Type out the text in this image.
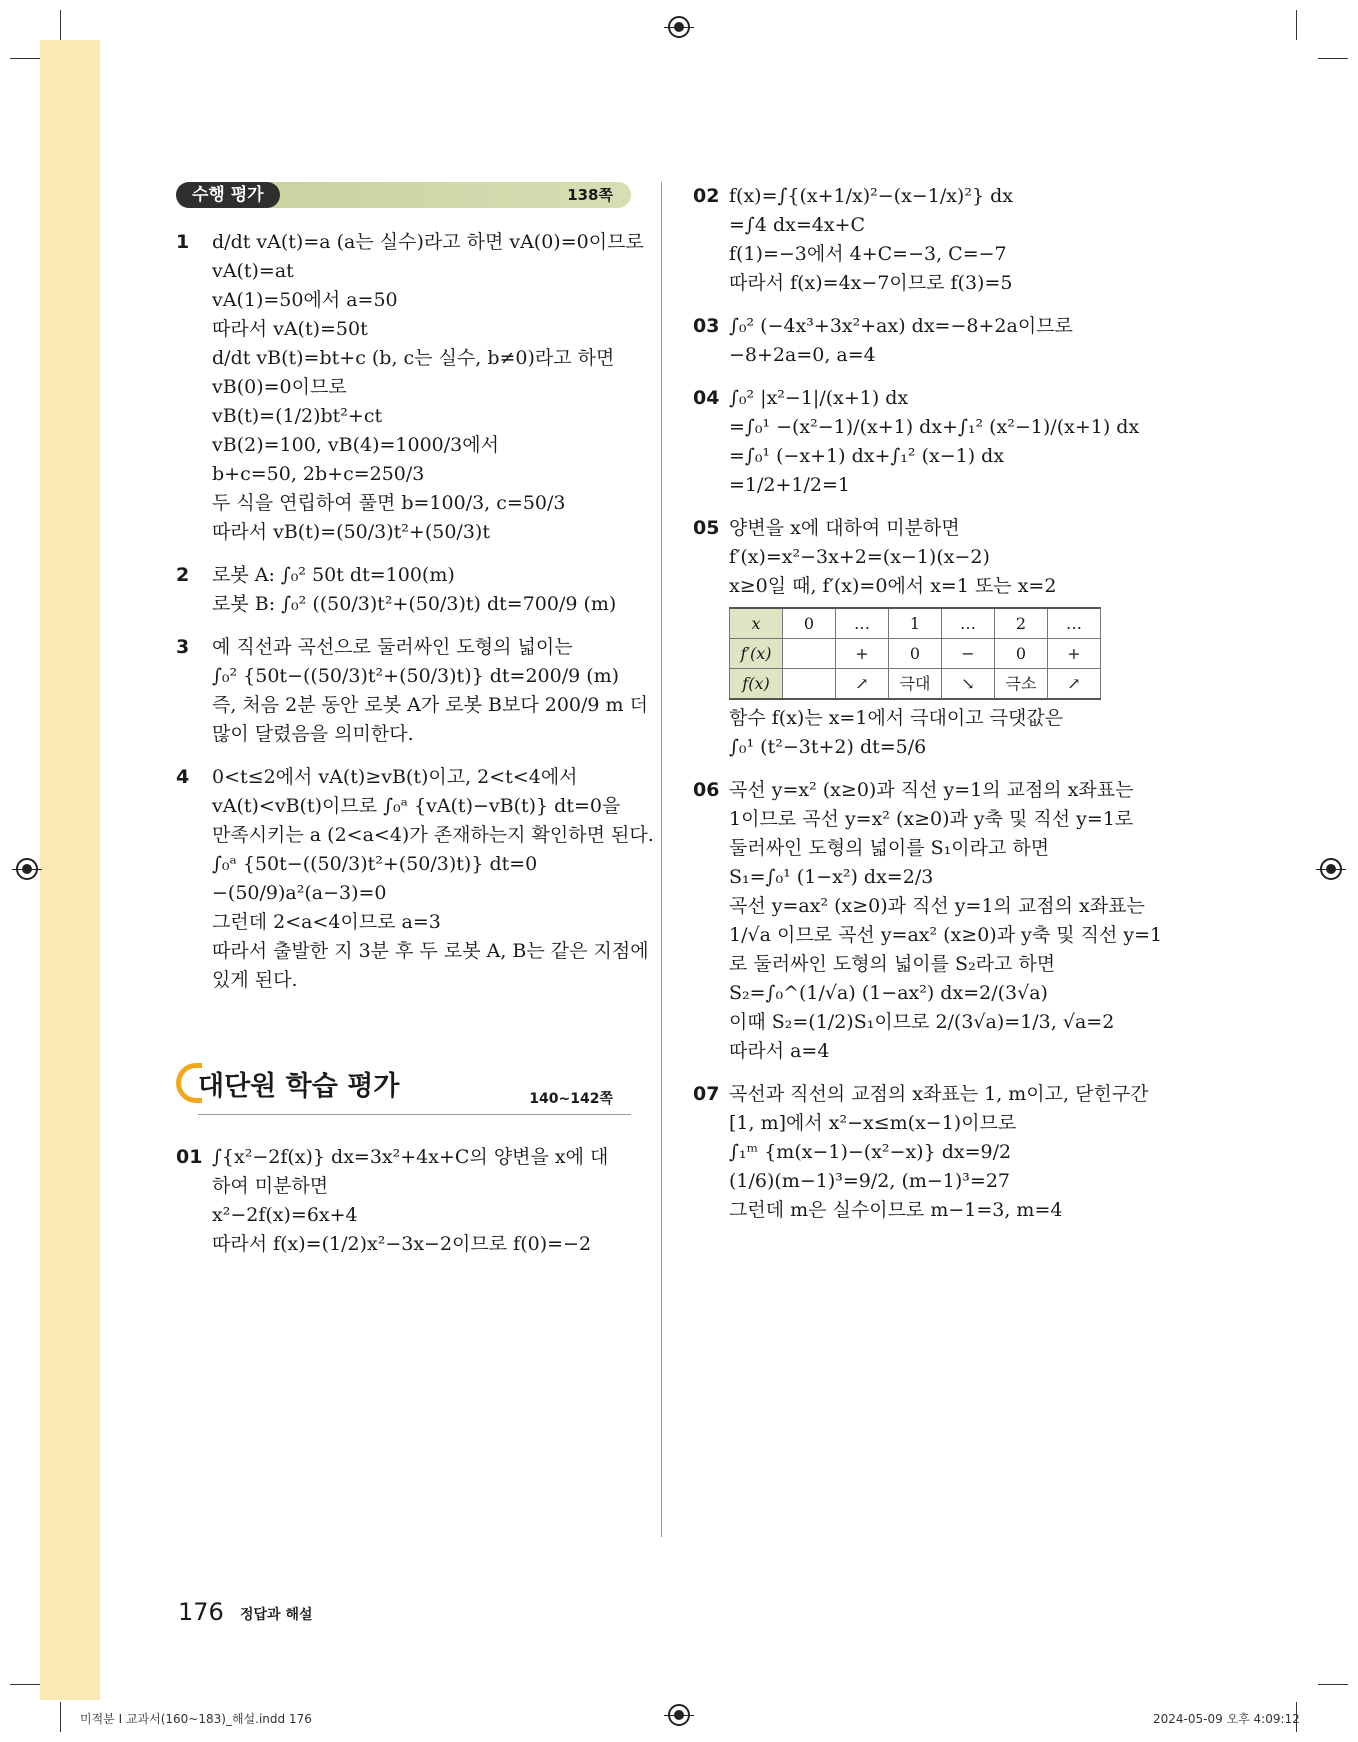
수행 평가	138쪽
1 d/dt vA(t)=a (a는 실수)라고 하면 vA(0)=0이므로
vA(t)=at
vA(1)=50에서 a=50
따라서 vA(t)=50t
d/dt vB(t)=bt+c (b, c는 실수, b≠0)라고 하면
vB(0)=0이므로
vB(t)=(1/2)bt²+ct
vB(2)=100, vB(4)=1000/3에서
b+c=50, 2b+c=250/3
두 식을 연립하여 풀면 b=100/3, c=50/3
따라서 vB(t)=(50/3)t²+(50/3)t
2 로봇 A: ∫₀² 50t dt=100(m)
로봇 B: ∫₀² ((50/3)t²+(50/3)t) dt=700/9 (m)
3 예 직선과 곡선으로 둘러싸인 도형의 넓이는
∫₀² {50t−((50/3)t²+(50/3)t)} dt=200/9 (m)
즉, 처음 2분 동안 로봇 A가 로봇 B보다 200/9 m 더
많이 달렸음을 의미한다.
4 0<t≤2에서 vA(t)≥vB(t)이고, 2<t<4에서
vA(t)<vB(t)이므로 ∫₀ᵃ {vA(t)−vB(t)} dt=0을
만족시키는 a (2<a<4)가 존재하는지 확인하면 된다.
∫₀ᵃ {50t−((50/3)t²+(50/3)t)} dt=0
−(50/9)a²(a−3)=0
그런데 2<a<4이므로 a=3
따라서 출발한 지 3분 후 두 로봇 A, B는 같은 지점에
있게 된다.
대단원 학습 평가	140~142쪽
01 ∫{x²−2f(x)} dx=3x²+4x+C의 양변을 x에 대
하여 미분하면
x²−2f(x)=6x+4
따라서 f(x)=(1/2)x²−3x−2이므로 f(0)=−2
02 f(x)=∫{(x+1/x)²−(x−1/x)²} dx
=∫4 dx=4x+C
f(1)=−3에서 4+C=−3, C=−7
따라서 f(x)=4x−7이므로 f(3)=5
03 ∫₀² (−4x³+3x²+ax) dx=−8+2a이므로
−8+2a=0, a=4
04 ∫₀² |x²−1|/(x+1) dx
=∫₀¹ −(x²−1)/(x+1) dx+∫₁² (x²−1)/(x+1) dx
=∫₀¹ (−x+1) dx+∫₁² (x−1) dx
=1/2+1/2=1
05 양변을 x에 대하여 미분하면
f′(x)=x²−3x+2=(x−1)(x−2)
x≥0일 때, f′(x)=0에서 x=1 또는 x=2
x	0	…	1	…	2	…
f′(x)		+	0	−	0	+
f(x)		↗	극대	↘	극소	↗
함수 f(x)는 x=1에서 극대이고 극댓값은
∫₀¹ (t²−3t+2) dt=5/6
06 곡선 y=x² (x≥0)과 직선 y=1의 교점의 x좌표는
1이므로 곡선 y=x² (x≥0)과 y축 및 직선 y=1로
둘러싸인 도형의 넓이를 S₁이라고 하면
S₁=∫₀¹ (1−x²) dx=2/3
곡선 y=ax² (x≥0)과 직선 y=1의 교점의 x좌표는
1/√a 이므로 곡선 y=ax² (x≥0)과 y축 및 직선 y=1
로 둘러싸인 도형의 넓이를 S₂라고 하면
S₂=∫₀^(1/√a) (1−ax²) dx=2/(3√a)
이때 S₂=(1/2)S₁이므로 2/(3√a)=1/3, √a=2
따라서 a=4
07 곡선과 직선의 교점의 x좌표는 1, m이고, 닫힌구간
[1, m]에서 x²−x≤m(x−1)이므로
∫₁ᵐ {m(x−1)−(x²−x)} dx=9/2
(1/6)(m−1)³=9/2, (m−1)³=27
그런데 m은 실수이므로 m−1=3, m=4
176 정답과 해설
미적분 Ⅰ 교과서(160~183)_해설.indd 176	2024-05-09 오후 4:09:12
